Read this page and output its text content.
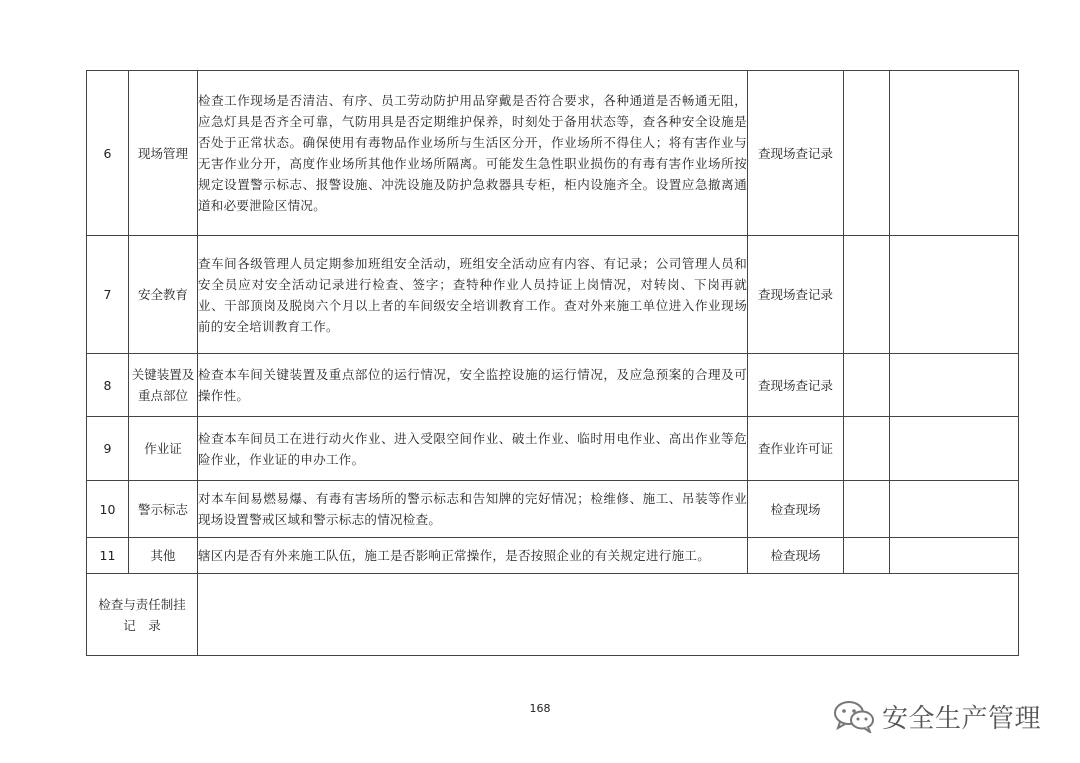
6	现场管理	检查工作现场是否清洁、有序、员工劳动防护用品穿戴是否符合要求，各种通道是否畅通无阻，应急灯具是否齐全可靠，气防用具是否定期维护保养，时刻处于备用状态等，查各种安全设施是否处于正常状态。确保使用有毒物品作业场所与生活区分开，作业场所不得住人；将有害作业与无害作业分开，高度作业场所其他作业场所隔离。可能发生急性职业损伤的有毒有害作业场所按规定设置警示标志、报警设施、冲洗设施及防护急救器具专柜，柜内设施齐全。设置应急撤离通道和必要泄险区情况。	查现场查记录		
7	安全教育	查车间各级管理人员定期参加班组安全活动，班组安全活动应有内容、有记录；公司管理人员和安全员应对安全活动记录进行检查、签字；查特种作业人员持证上岗情况，对转岗、下岗再就业、干部顶岗及脱岗六个月以上者的车间级安全培训教育工作。查对外来施工单位进入作业现场前的安全培训教育工作。	查现场查记录		
8	关键装置及重点部位	检查本车间关键装置及重点部位的运行情况，安全监控设施的运行情况，及应急预案的合理及可操作性。	查现场查记录		
9	作业证	检查本车间员工在进行动火作业、进入受限空间作业、破土作业、临时用电作业、高出作业等危险作业，作业证的申办工作。	查作业许可证		
10	警示标志	对本车间易燃易爆、有毒有害场所的警示标志和告知牌的完好情况；检维修、施工、吊装等作业现场设置警戒区域和警示标志的情况检查。	检查现场		
11	其他	辖区内是否有外来施工队伍，施工是否影响正常操作，是否按照企业的有关规定进行施工。	检查现场		

检查与责任制挂
记　录					

168	安全生产管理
